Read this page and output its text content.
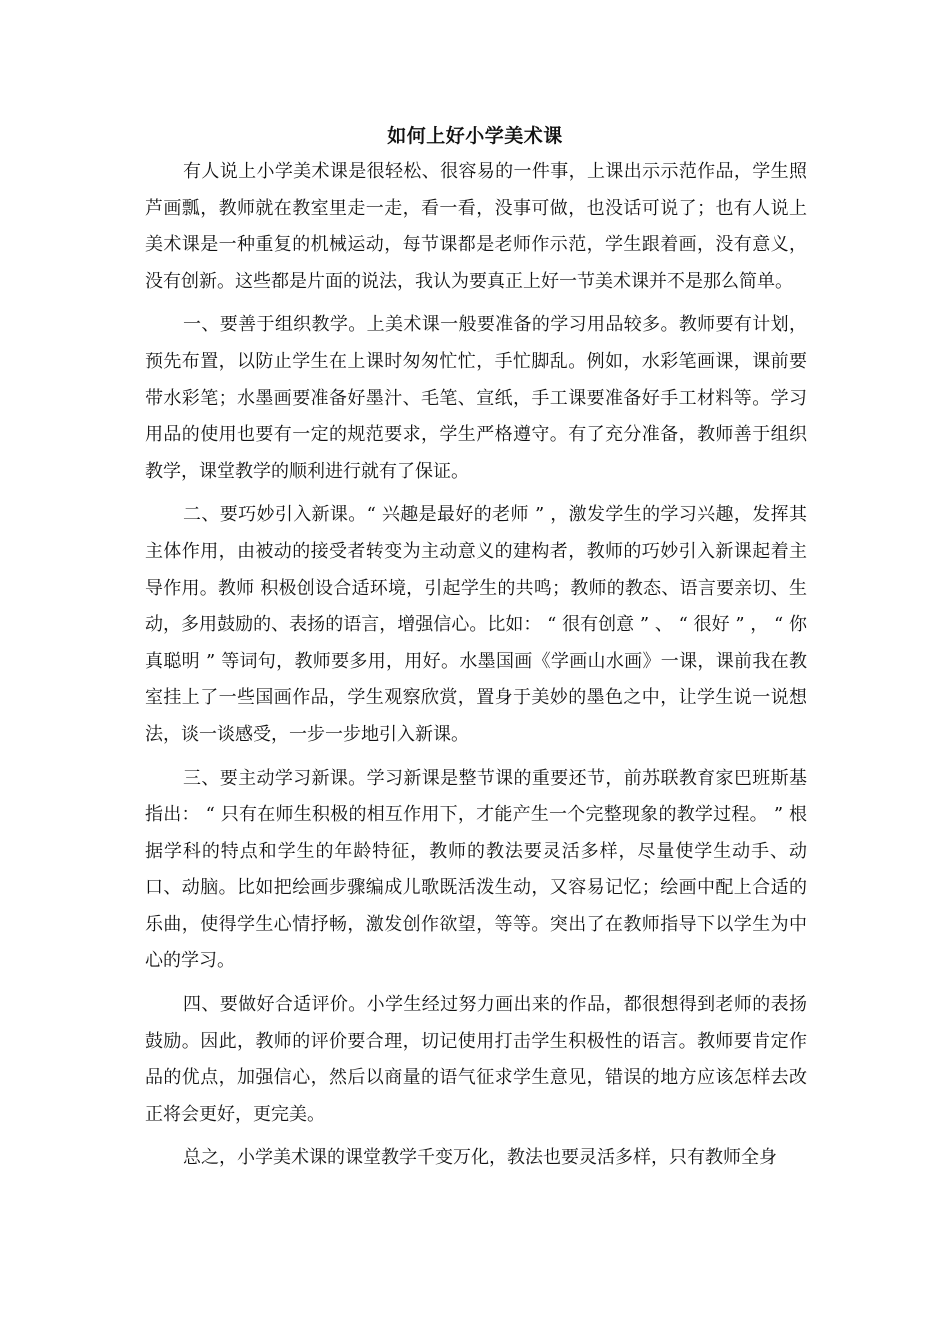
如何上好小学美术课

有人说上小学美术课是很轻松、很容易的一件事，上课出示示范作品，学生照芦画瓢，教师就在教室里走一走，看一看，没事可做，也没话可说了；也有人说上美术课是一种重复的机械运动，每节课都是老师作示范，学生跟着画，没有意义，没有创新。这些都是片面的说法，我认为要真正上好一节美术课并不是那么简单。

一、要善于组织教学。上美术课一般要准备的学习用品较多。教师要有计划，预先布置，以防止学生在上课时匆匆忙忙，手忙脚乱。例如，水彩笔画课，课前要带水彩笔；水墨画要准备好墨汁、毛笔、宣纸，手工课要准备好手工材料等。学习用品的使用也要有一定的规范要求，学生严格遵守。有了充分准备，教师善于组织教学，课堂教学的顺利进行就有了保证。

二、要巧妙引入新课。“ 兴趣是最好的老师 ” ，激发学生的学习兴趣，发挥其主体作用，由被动的接受者转变为主动意义的建构者，教师的巧妙引入新课起着主导作用。教师 积极创设合适环境，引起学生的共鸣；教师的教态、语言要亲切、生动，多用鼓励的、表扬的语言，增强信心。比如： “ 很有创意 ” 、 “ 很好 ” ， “ 你真聪明 ” 等词句，教师要多用，用好。水墨国画《学画山水画》一课，课前我在教室挂上了一些国画作品，学生观察欣赏，置身于美妙的墨色之中，让学生说一说想法，谈一谈感受，一步一步地引入新课。

三、要主动学习新课。学习新课是整节课的重要还节，前苏联教育家巴班斯基指出： “ 只有在师生积极的相互作用下，才能产生一个完整现象的教学过程。 ” 根据学科的特点和学生的年龄特征，教师的教法要灵活多样，尽量使学生动手、动口、动脑。比如把绘画步骤编成儿歌既活泼生动，又容易记忆；绘画中配上合适的乐曲，使得学生心情抒畅，激发创作欲望，等等。突出了在教师指导下以学生为中心的学习。

四、要做好合适评价。小学生经过努力画出来的作品，都很想得到老师的表扬鼓励。因此，教师的评价要合理，切记使用打击学生积极性的语言。教师要肯定作品的优点，加强信心，然后以商量的语气征求学生意见，错误的地方应该怎样去改正将会更好，更完美。

总之，小学美术课的课堂教学千变万化，教法也要灵活多样，只有教师全身
